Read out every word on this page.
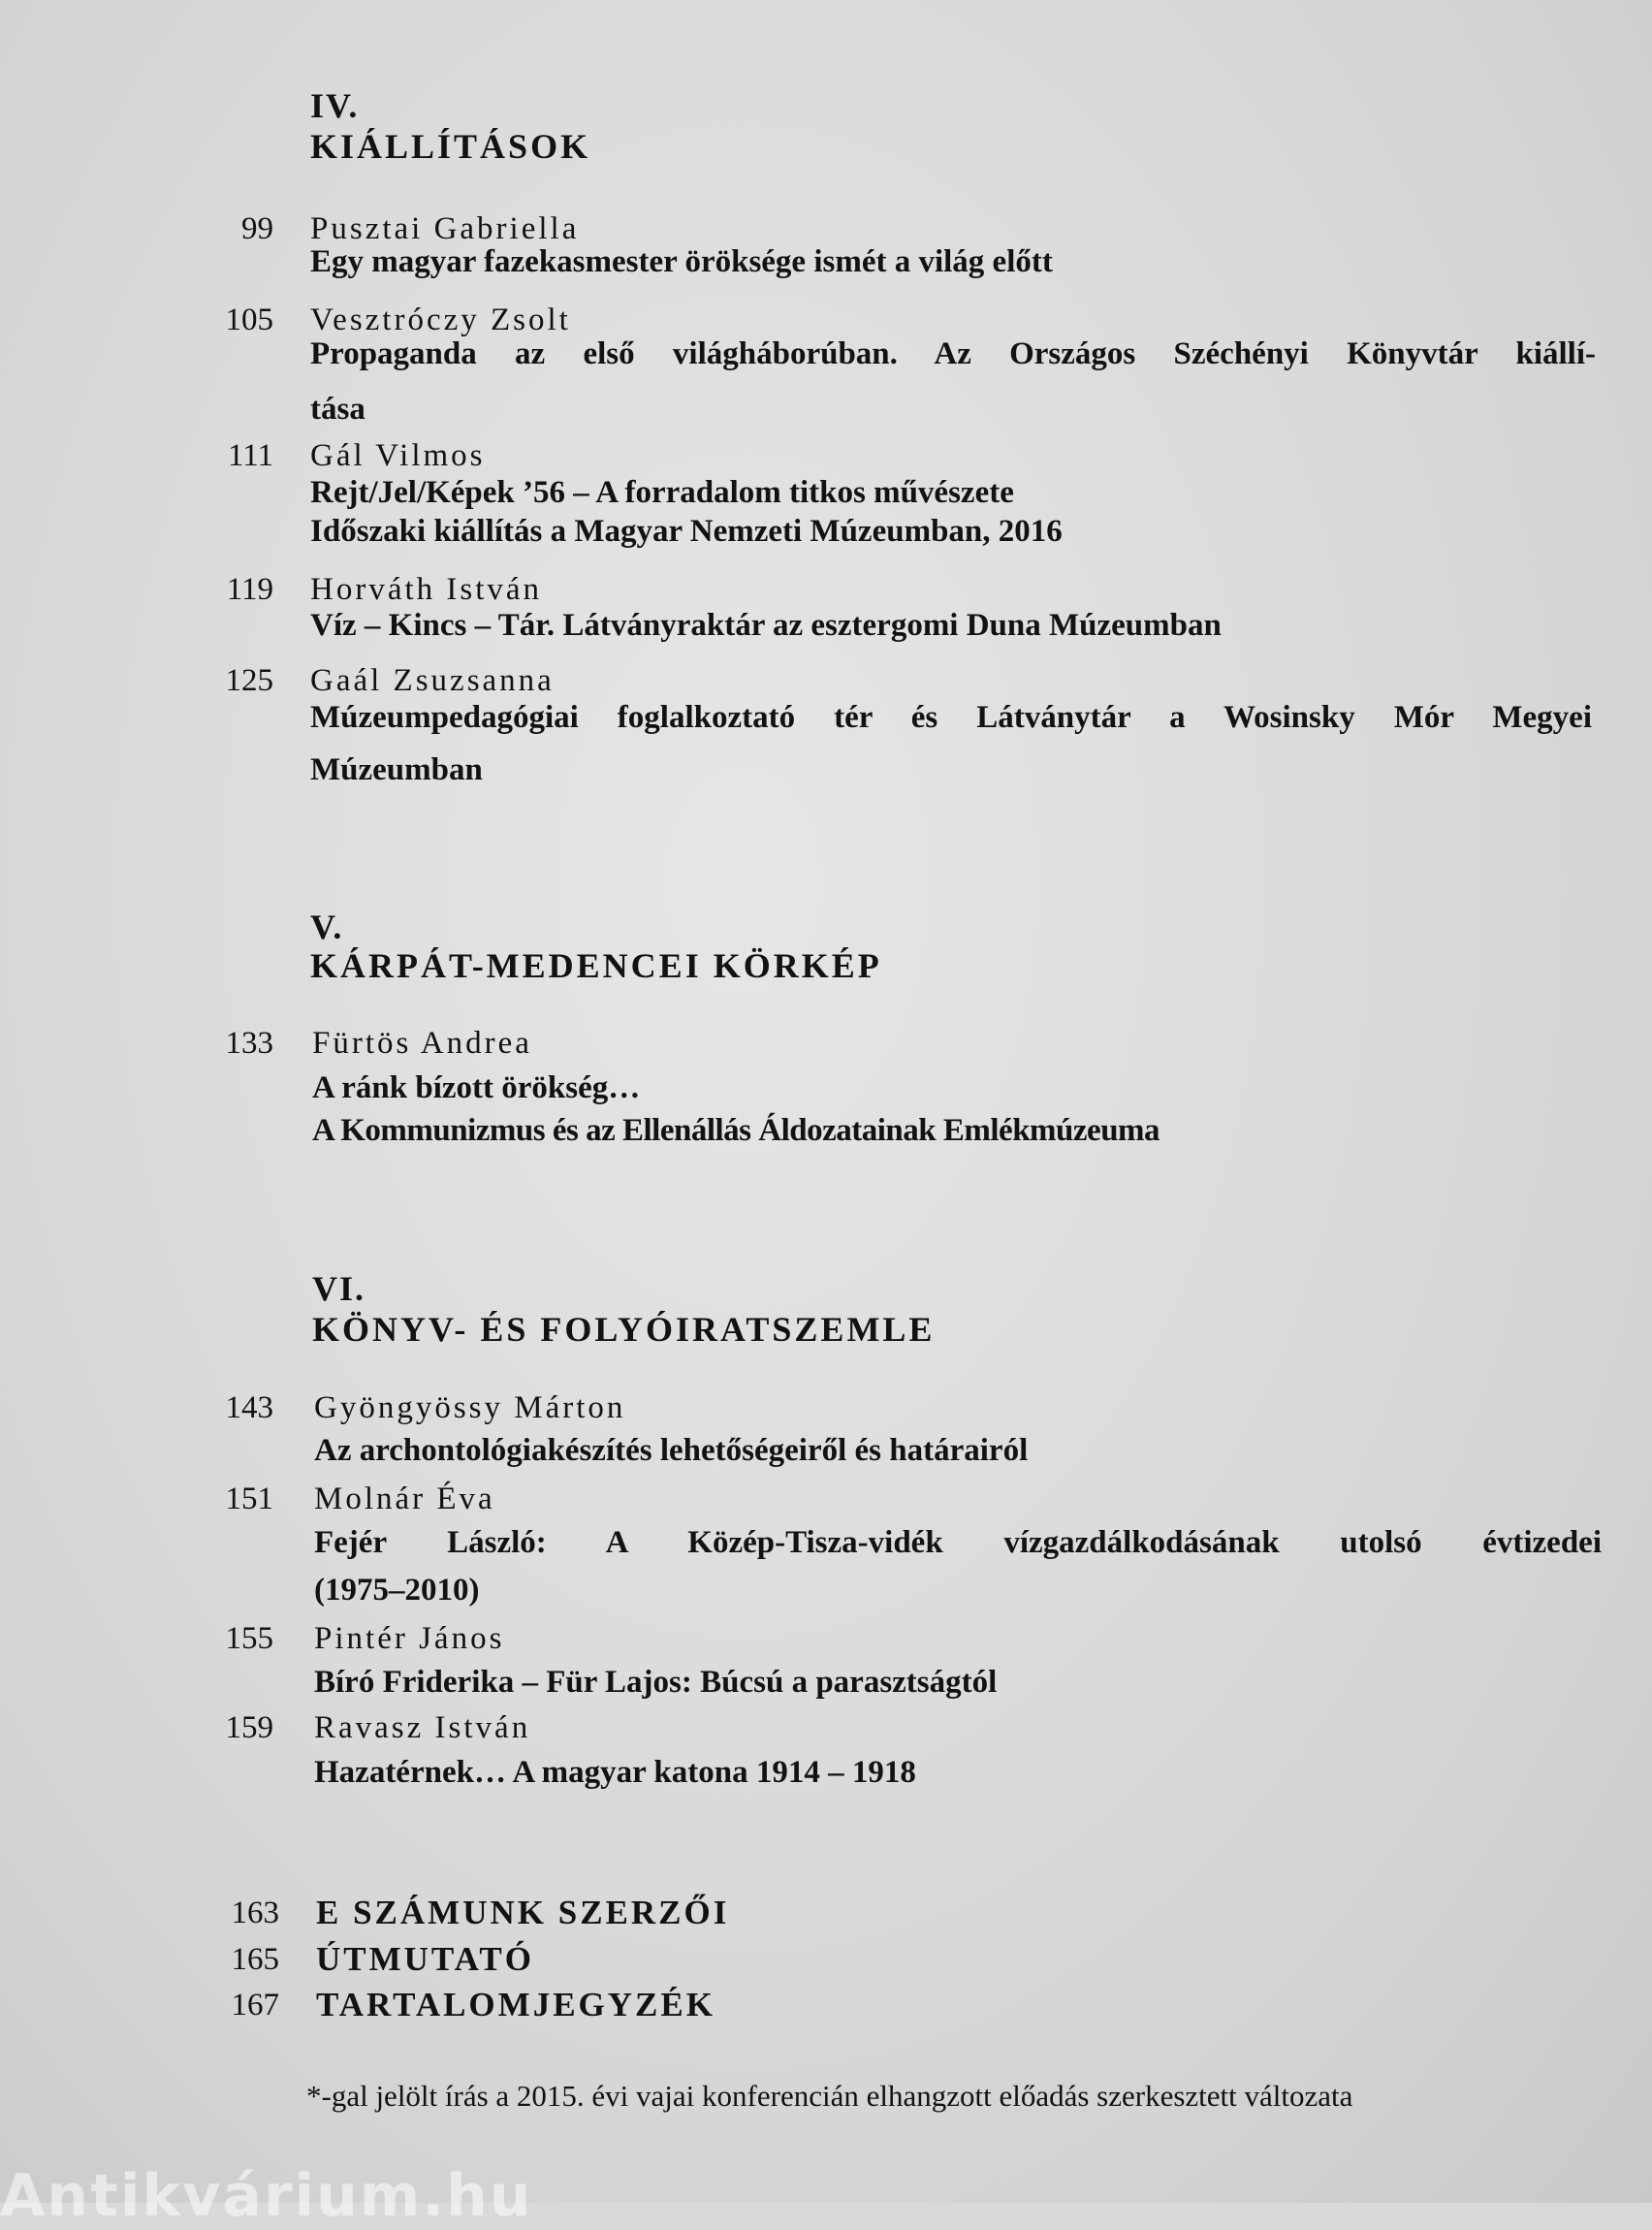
IV.
KIÁLLÍTÁSOK
99 Pusztai Gabriella
Egy magyar fazekasmester öröksége ismét a világ előtt
105 Vesztróczy Zsolt
Propaganda az első világháborúban. Az Országos Széchényi Könyvtár kiállí-
tása
111 Gál Vilmos
Rejt/Jel/Képek ’56 – A forradalom titkos művészete
Időszaki kiállítás a Magyar Nemzeti Múzeumban, 2016
119 Horváth István
Víz – Kincs – Tár. Látványraktár az esztergomi Duna Múzeumban
125 Gaál Zsuzsanna
Múzeumpedagógiai foglalkoztató tér és Látványtár a Wosinsky Mór Megyei
Múzeumban
V.
KÁRPÁT-MEDENCEI KÖRKÉP
133 Fürtös Andrea
A ránk bízott örökség…
A Kommunizmus és az Ellenállás Áldozatainak Emlékmúzeuma
VI.
KÖNYV- ÉS FOLYÓIRATSZEMLE
143 Gyöngyössy Márton
Az archontológiakészítés lehetőségeiről és határairól
151 Molnár Éva
Fejér László: A Közép-Tisza-vidék vízgazdálkodásának utolsó évtizedei
(1975–2010)
155 Pintér János
Bíró Friderika – Für Lajos: Búcsú a parasztságtól
159 Ravasz István
Hazatérnek… A magyar katona 1914 – 1918
163 E SZÁMUNK SZERZŐI
165 ÚTMUTATÓ
167 TARTALOMJEGYZÉK
*-gal jelölt írás a 2015. évi vajai konferencián elhangzott előadás szerkesztett változata
Antikvárium.hu
